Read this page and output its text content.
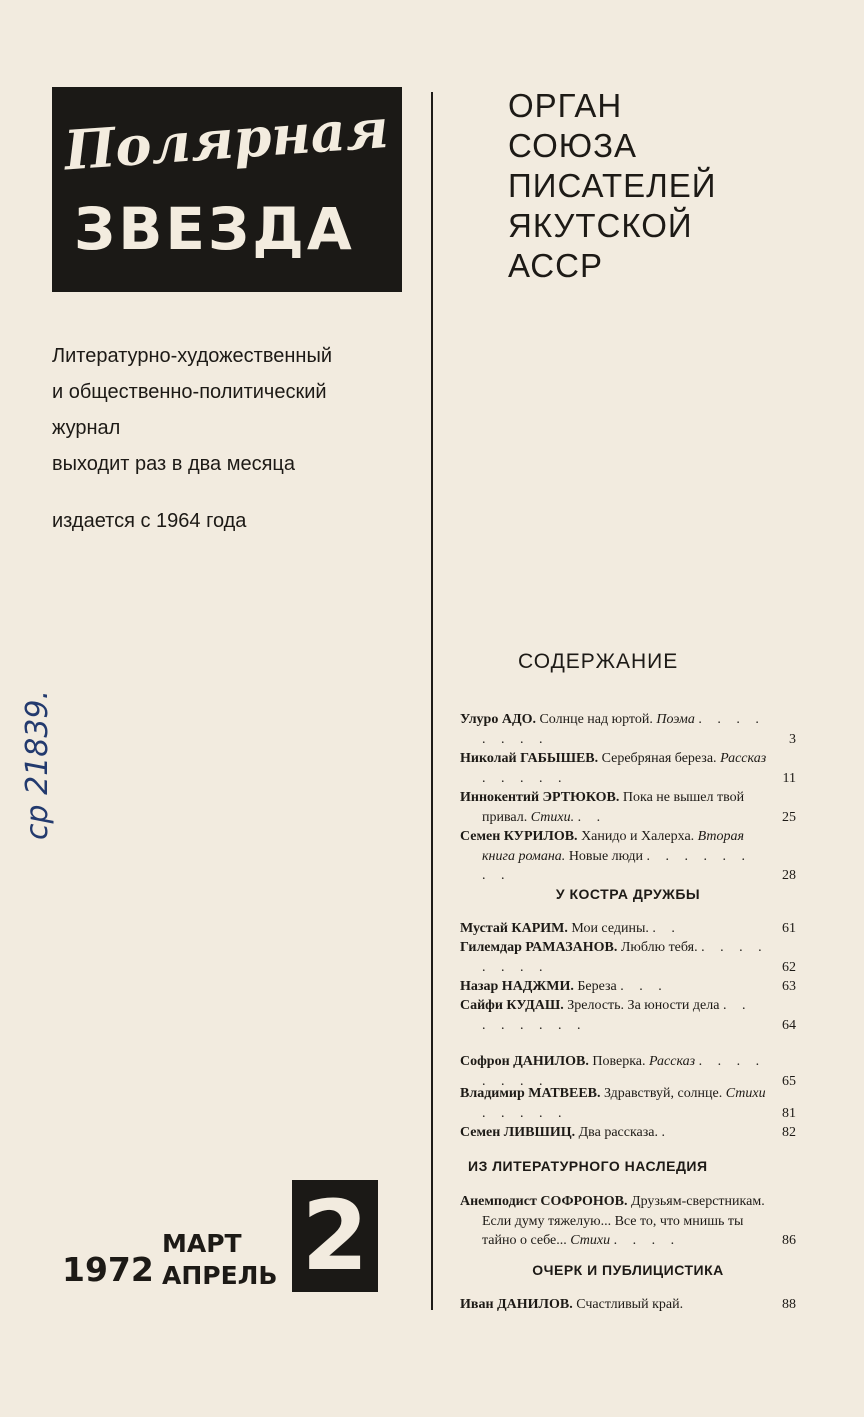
Полярная
ЗВЕЗДА
ОРГАН
СОЮЗА
ПИСАТЕЛЕЙ
ЯКУТСКОЙ
АССР
Литературно-художественный
и общественно-политический
журнал
выходит раз в два месяца
издается с 1964 года
ср 21839.
1972
МАРТ
АПРЕЛЬ 2
СОДЕРЖАНИЕ
Улуро АДО. Солнце над юртой. Поэма . . . . . . . .	3
Николай ГАБЫШЕВ. Серебряная береза. Рассказ . . . . .	11
Иннокентий ЭРТЮКОВ. Пока не вышел твой привал. Стихи. . .	25
Семен КУРИЛОВ. Ханидо и Халерха. Вторая книга романа. Новые люди . . . . . . . .	28
У КОСТРА ДРУЖБЫ
Мустай КАРИМ. Мои седины. . .	61
Гилемдар РАМАЗАНОВ. Люблю тебя. . . . . . . . .	62
Назар НАДЖМИ. Береза . . .	63
Сайфи КУДАШ. Зрелость. За юности дела . . . . . . . .	64
Софрон ДАНИЛОВ. Поверка. Рассказ . . . . . . . .	65
Владимир МАТВЕЕВ. Здравствуй, солнце. Стихи . . . . .	81
Семен ЛИВШИЦ. Два рассказа. .	82
ИЗ ЛИТЕРАТУРНОГО НАСЛЕДИЯ
Анемподист СОФРОНОВ. Друзьям-сверстникам. Если думу тяжелую... Все то, что мнишь ты тайно о себе... Стихи . . . .	86
ОЧЕРК И ПУБЛИЦИСТИКА
Иван ДАНИЛОВ. Счастливый край.	88
